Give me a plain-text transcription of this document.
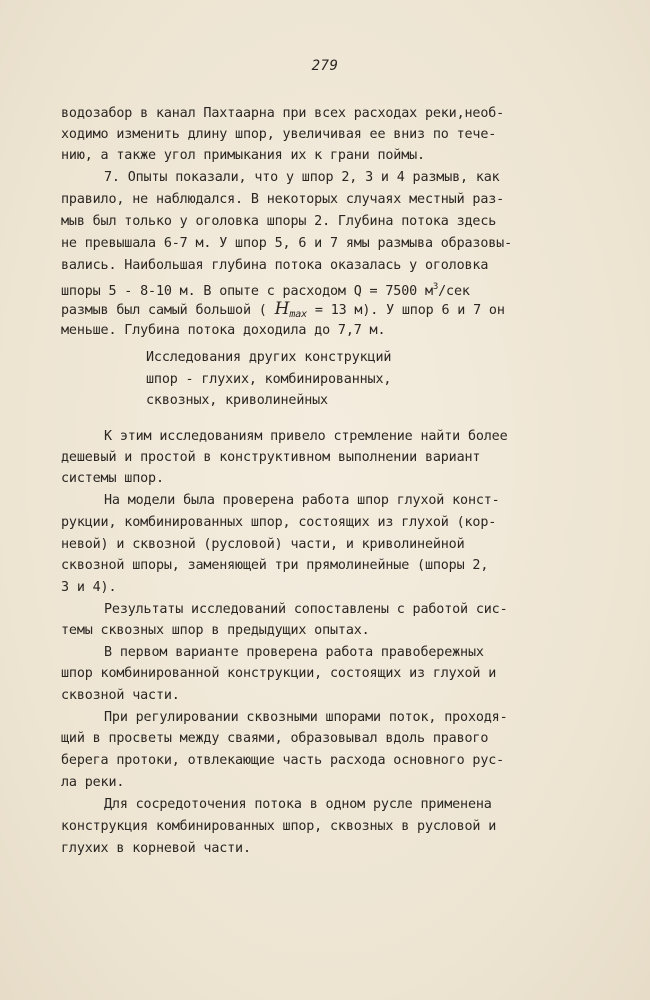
279
водозабор в канал Пахтаарна при всех расходах реки,необ-
ходимо изменить длину шпор, увеличивая ее вниз по тече-
нию, а также угол примыкания их к грани поймы.
7. Опыты показали, что у шпор 2, 3 и 4 размыв, как
правило, не наблюдался. В некоторых случаях местный раз-
мыв был только у оголовка шпоры 2. Глубина потока здесь
не превышала 6-7 м. У шпор 5, 6 и 7 ямы размыва образовы-
вались. Наибольшая глубина потока оказалась у оголовка
шпоры 5 - 8-10 м. В опыте с расходом Q = 7500 $м^3$/сек
размыв был самый большой ( $H_{max} = 13$ м). У шпор 6 и 7 он
меньше. Глубина потока доходила до 7,7 м.
Исследования других конструкций
шпор - глухих, комбинированных,
сквозных, криволинейных
К этим исследованиям привело стремление найти более
дешевый и простой в конструктивном выполнении вариант
системы шпор.
На модели была проверена работа шпор глухой конст-
рукции, комбинированных шпор, состоящих из глухой (кор-
невой) и сквозной (русловой) части, и криволинейной
сквозной шпоры, заменяющей три прямолинейные (шпоры 2,
3 и 4).
Результаты исследований сопоставлены с работой сис-
темы сквозных шпор в предыдущих опытах.
В первом варианте проверена работа правобережных
шпор комбинированной конструкции, состоящих из глухой и
сквозной части.
При регулировании сквозными шпорами поток, проходя-
щий в просветы между сваями, образовывал вдоль правого
берега протоки, отвлекающие часть расхода основного рус-
ла реки.
Для сосредоточения потока в одном русле применена
конструкция комбинированных шпор, сквозных в русловой и
глухих в корневой части.
